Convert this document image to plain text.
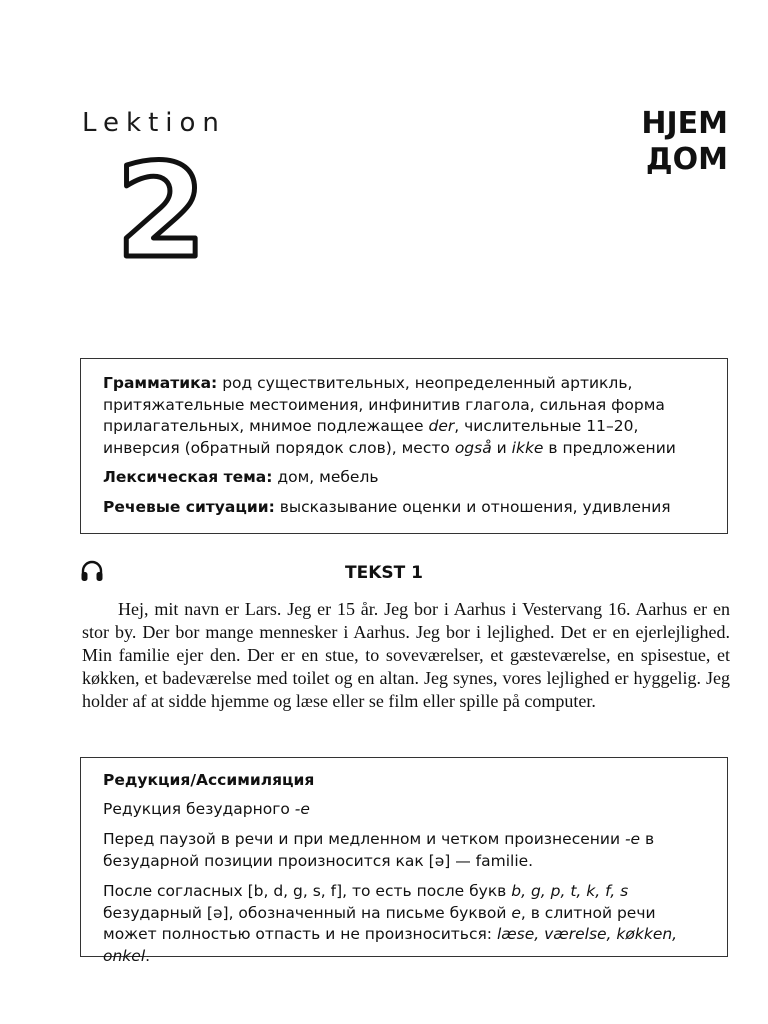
Lektion
2
HJEM
ДОМ

Грамматика: род существительных, неопределенный артикль, притяжательные местоимения, инфинитив глагола, сильная форма прилагательных, мнимое подлежащее der, числительные 11–20, инверсия (обратный порядок слов), место også и ikke в предложении

Лексическая тема: дом, мебель

Речевые ситуации: высказывание оценки и отношения, удивления

TEKST 1

Hej, mit navn er Lars. Jeg er 15 år. Jeg bor i Aarhus i Vestervang 16. Aarhus er en stor by. Der bor mange mennesker i Aarhus. Jeg bor i lejlighed. Det er en ejerlejlighed. Min familie ejer den. Der er en stue, to soveværelser, et gæsteværelse, en spisestue, et køkken, et badeværelse med toilet og en altan. Jeg synes, vores lejlighed er hyggelig. Jeg holder af at sidde hjemme og læse eller se film eller spille på computer.

Редукция/Ассимиляция

Редукция безударного -e

Перед паузой в речи и при медленном и четком произнесении -e в безударной позиции произносится как [ə] — familie.

После согласных [b, d, g, s, f], то есть после букв b, g, p, t, k, f, s безударный [ə], обозначенный на письме буквой e, в слитной речи может полностью отпасть и не произноситься: læse, værelse, køkken, onkel.
